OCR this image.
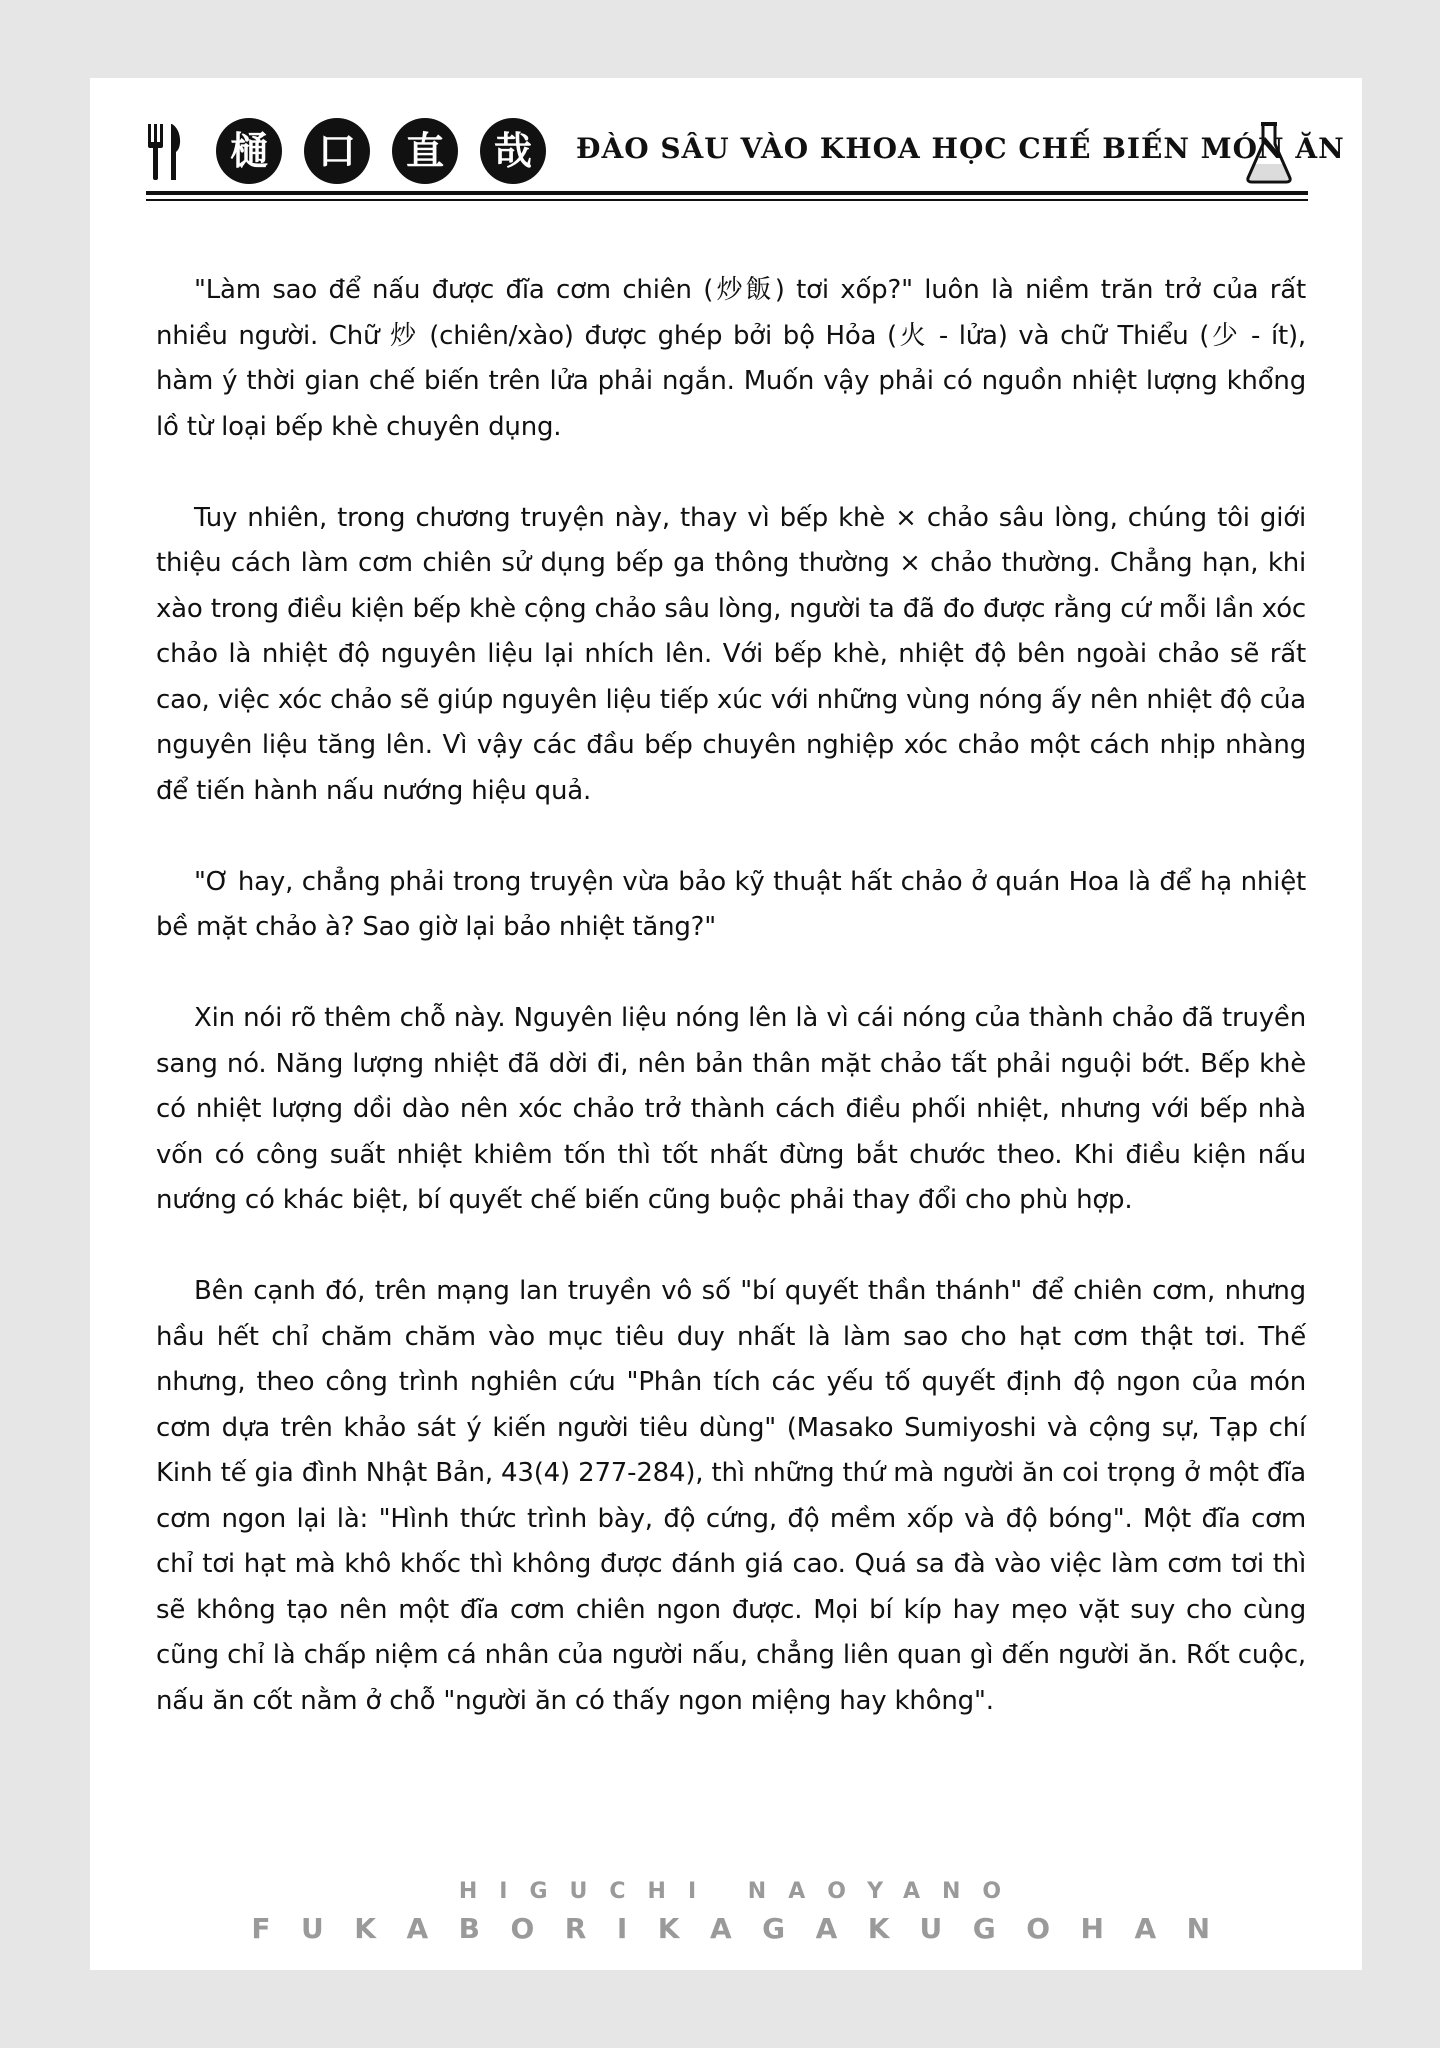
樋	口	直	哉	ĐÀO SÂU VÀO KHOA HỌC CHẾ BIẾN MÓN ĂN

"Làm sao để nấu được đĩa cơm chiên (炒飯) tơi xốp?" luôn là niềm trăn trở của rất nhiều người. Chữ 炒 (chiên/xào) được ghép bởi bộ Hỏa (火 - lửa) và chữ Thiểu (少 - ít), hàm ý thời gian chế biến trên lửa phải ngắn. Muốn vậy phải có nguồn nhiệt lượng khổng lồ từ loại bếp khè chuyên dụng.

Tuy nhiên, trong chương truyện này, thay vì bếp khè × chảo sâu lòng, chúng tôi giới thiệu cách làm cơm chiên sử dụng bếp ga thông thường × chảo thường. Chẳng hạn, khi xào trong điều kiện bếp khè cộng chảo sâu lòng, người ta đã đo được rằng cứ mỗi lần xóc chảo là nhiệt độ nguyên liệu lại nhích lên. Với bếp khè, nhiệt độ bên ngoài chảo sẽ rất cao, việc xóc chảo sẽ giúp nguyên liệu tiếp xúc với những vùng nóng ấy nên nhiệt độ của nguyên liệu tăng lên. Vì vậy các đầu bếp chuyên nghiệp xóc chảo một cách nhịp nhàng để tiến hành nấu nướng hiệu quả.

"Ơ hay, chẳng phải trong truyện vừa bảo kỹ thuật hất chảo ở quán Hoa là để hạ nhiệt bề mặt chảo à? Sao giờ lại bảo nhiệt tăng?"

Xin nói rõ thêm chỗ này. Nguyên liệu nóng lên là vì cái nóng của thành chảo đã truyền sang nó. Năng lượng nhiệt đã dời đi, nên bản thân mặt chảo tất phải nguội bớt. Bếp khè có nhiệt lượng dồi dào nên xóc chảo trở thành cách điều phối nhiệt, nhưng với bếp nhà vốn có công suất nhiệt khiêm tốn thì tốt nhất đừng bắt chước theo. Khi điều kiện nấu nướng có khác biệt, bí quyết chế biến cũng buộc phải thay đổi cho phù hợp.

Bên cạnh đó, trên mạng lan truyền vô số "bí quyết thần thánh" để chiên cơm, nhưng hầu hết chỉ chăm chăm vào mục tiêu duy nhất là làm sao cho hạt cơm thật tơi. Thế nhưng, theo công trình nghiên cứu "Phân tích các yếu tố quyết định độ ngon của món cơm dựa trên khảo sát ý kiến người tiêu dùng" (Masako Sumiyoshi và cộng sự, Tạp chí Kinh tế gia đình Nhật Bản, 43(4) 277-284), thì những thứ mà người ăn coi trọng ở một đĩa cơm ngon lại là: "Hình thức trình bày, độ cứng, độ mềm xốp và độ bóng". Một đĩa cơm chỉ tơi hạt mà khô khốc thì không được đánh giá cao. Quá sa đà vào việc làm cơm tơi thì sẽ không tạo nên một đĩa cơm chiên ngon được. Mọi bí kíp hay mẹo vặt suy cho cùng cũng chỉ là chấp niệm cá nhân của người nấu, chẳng liên quan gì đến người ăn. Rốt cuộc, nấu ăn cốt nằm ở chỗ "người ăn có thấy ngon miệng hay không".

HIGUCHI NAOYANO
FUKABORIKAGAKUGOHAN
